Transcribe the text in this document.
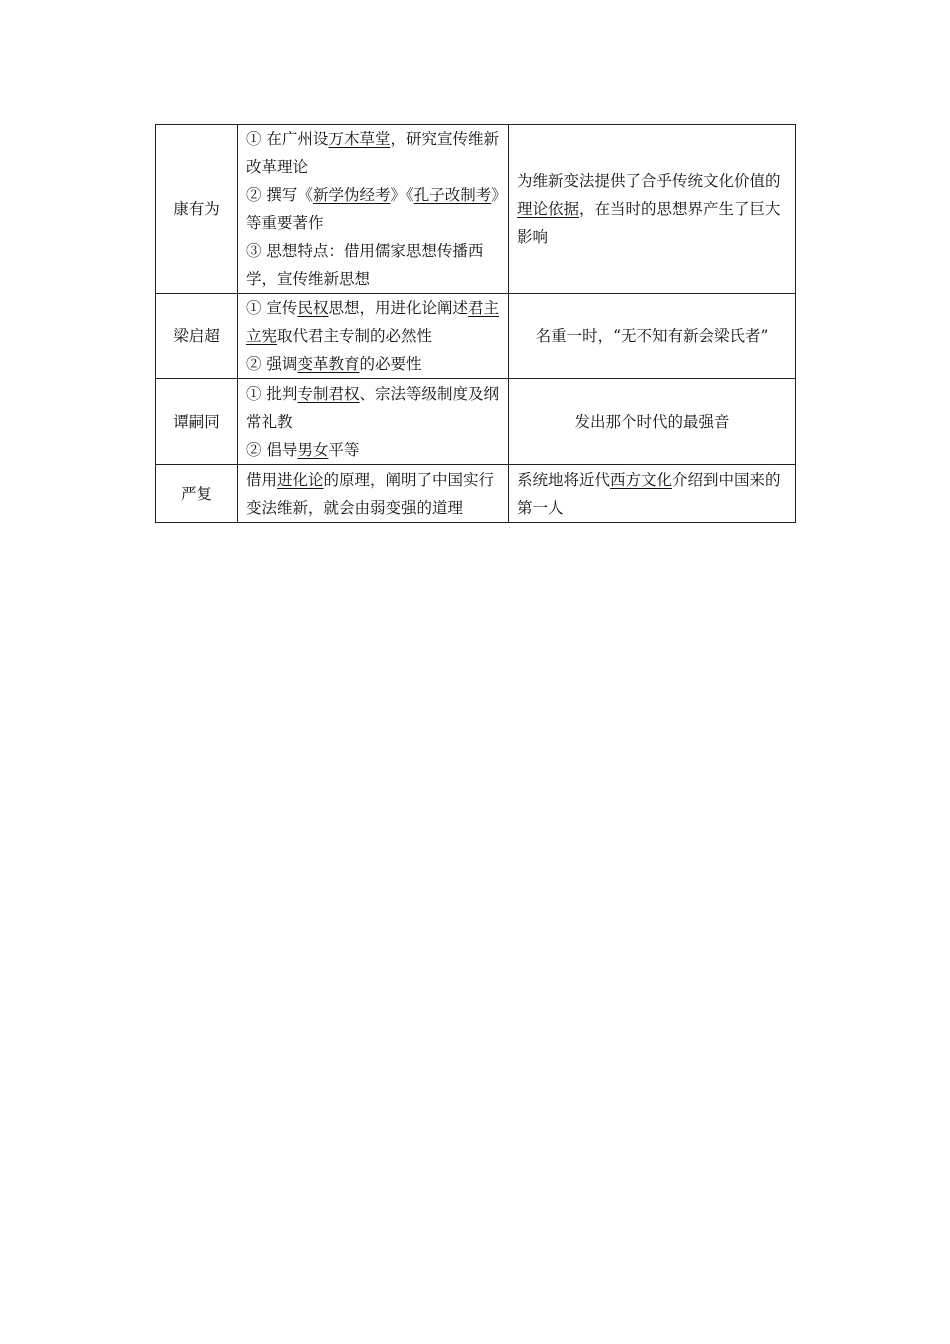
康有为	① 在广州设万木草堂，研究宣传维新改革理论
② 撰写《新学伪经考》《孔子改制考》等重要著作
③ 思想特点：借用儒家思想传播西学，宣传维新思想	为维新变法提供了合乎传统文化价值的理论依据，在当时的思想界产生了巨大影响
梁启超	① 宣传民权思想，用进化论阐述君主立宪取代君主专制的必然性
② 强调变革教育的必要性	名重一时，“无不知有新会梁氏者”
谭嗣同	① 批判专制君权、宗法等级制度及纲常礼教
② 倡导男女平等	发出那个时代的最强音
严复	借用进化论的原理，阐明了中国实行变法维新，就会由弱变强的道理	系统地将近代西方文化介绍到中国来的第一人
